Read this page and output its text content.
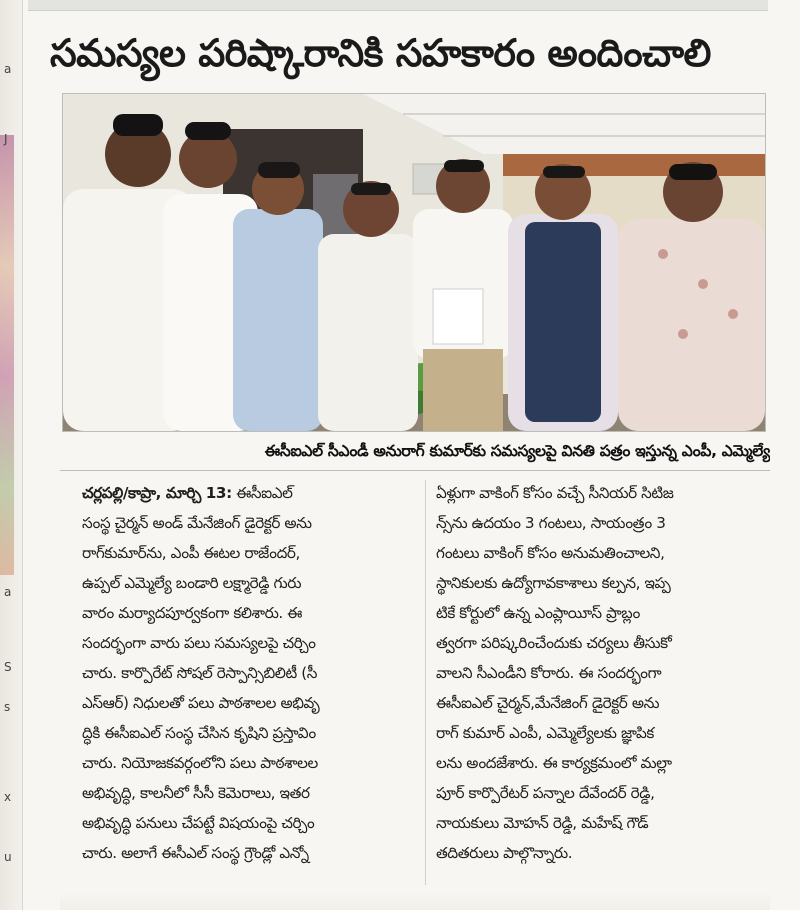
a
J
a
S
s
x
u
సమస్యల పరిష్కారానికి సహకారం అందించాలి
ఈసీఐఎల్ సీఎండీ అనురాగ్ కుమార్‌కు సమస్యలపై వినతి పత్రం ఇస్తున్న ఎంపీ, ఎమ్మెల్యే
చర్లపల్లి/కాప్రా, మార్చి 13: ఈసీఐఎల్
సంస్థ చైర్మన్ అండ్ మేనేజింగ్ డైరెక్టర్ అను
రాగ్‌కుమార్‌ను, ఎంపీ ఈటల రాజేందర్,
ఉప్పల్ ఎమ్మెల్యే బండారి లక్ష్మారెడ్డి గురు
వారం మర్యాదపూర్వకంగా కలిశారు. ఈ
సందర్భంగా వారు పలు సమస్యలపై చర్చిం
చారు. కార్పొరేట్ సోషల్ రెస్పాన్సిబిలిటీ (సీ
ఎస్ఆర్) నిధులతో పలు పాఠశాలల అభివృ
ద్ధికి ఈసీఐఎల్ సంస్థ చేసిన కృషిని ప్రస్తావిం
చారు. నియోజకవర్గంలోని పలు పాఠశాలల
అభివృద్ధి, కాలనీలో సీసీ కెమెరాలు, ఇతర
అభివృద్ధి పనులు చేపట్టే విషయంపై చర్చిం
చారు. అలాగే ఈసీఎల్ సంస్థ గ్రౌండ్లో ఎన్నో
ఏళ్లుగా వాకింగ్ కోసం వచ్చే సీనియర్ సిటిజ
న్స్‌ను ఉదయం 3 గంటలు, సాయంత్రం 3
గంటలు వాకింగ్ కోసం అనుమతించాలని,
స్థానికులకు ఉద్యోగావకాశాలు కల్పన, ఇప్ప
టికే కోర్టులో ఉన్న ఎంప్లాయీస్ ప్రాబ్లం
త్వరగా పరిష్కరించేందుకు చర్యలు తీసుకో
వాలని సీఎండీని కోరారు. ఈ సందర్భంగా
ఈసీఐఎల్ చైర్మన్,మేనేజింగ్ డైరెక్టర్ అను
రాగ్ కుమార్ ఎంపీ, ఎమ్మెల్యేలకు జ్ఞాపిక
లను అందజేశారు. ఈ కార్యక్రమంలో మల్లా
పూర్ కార్పొరేటర్ పన్నాల దేవేందర్ రెడ్డి,
నాయకులు మోహన్ రెడ్డి, మహేష్ గౌడ్
తదితరులు పాల్గొన్నారు.
